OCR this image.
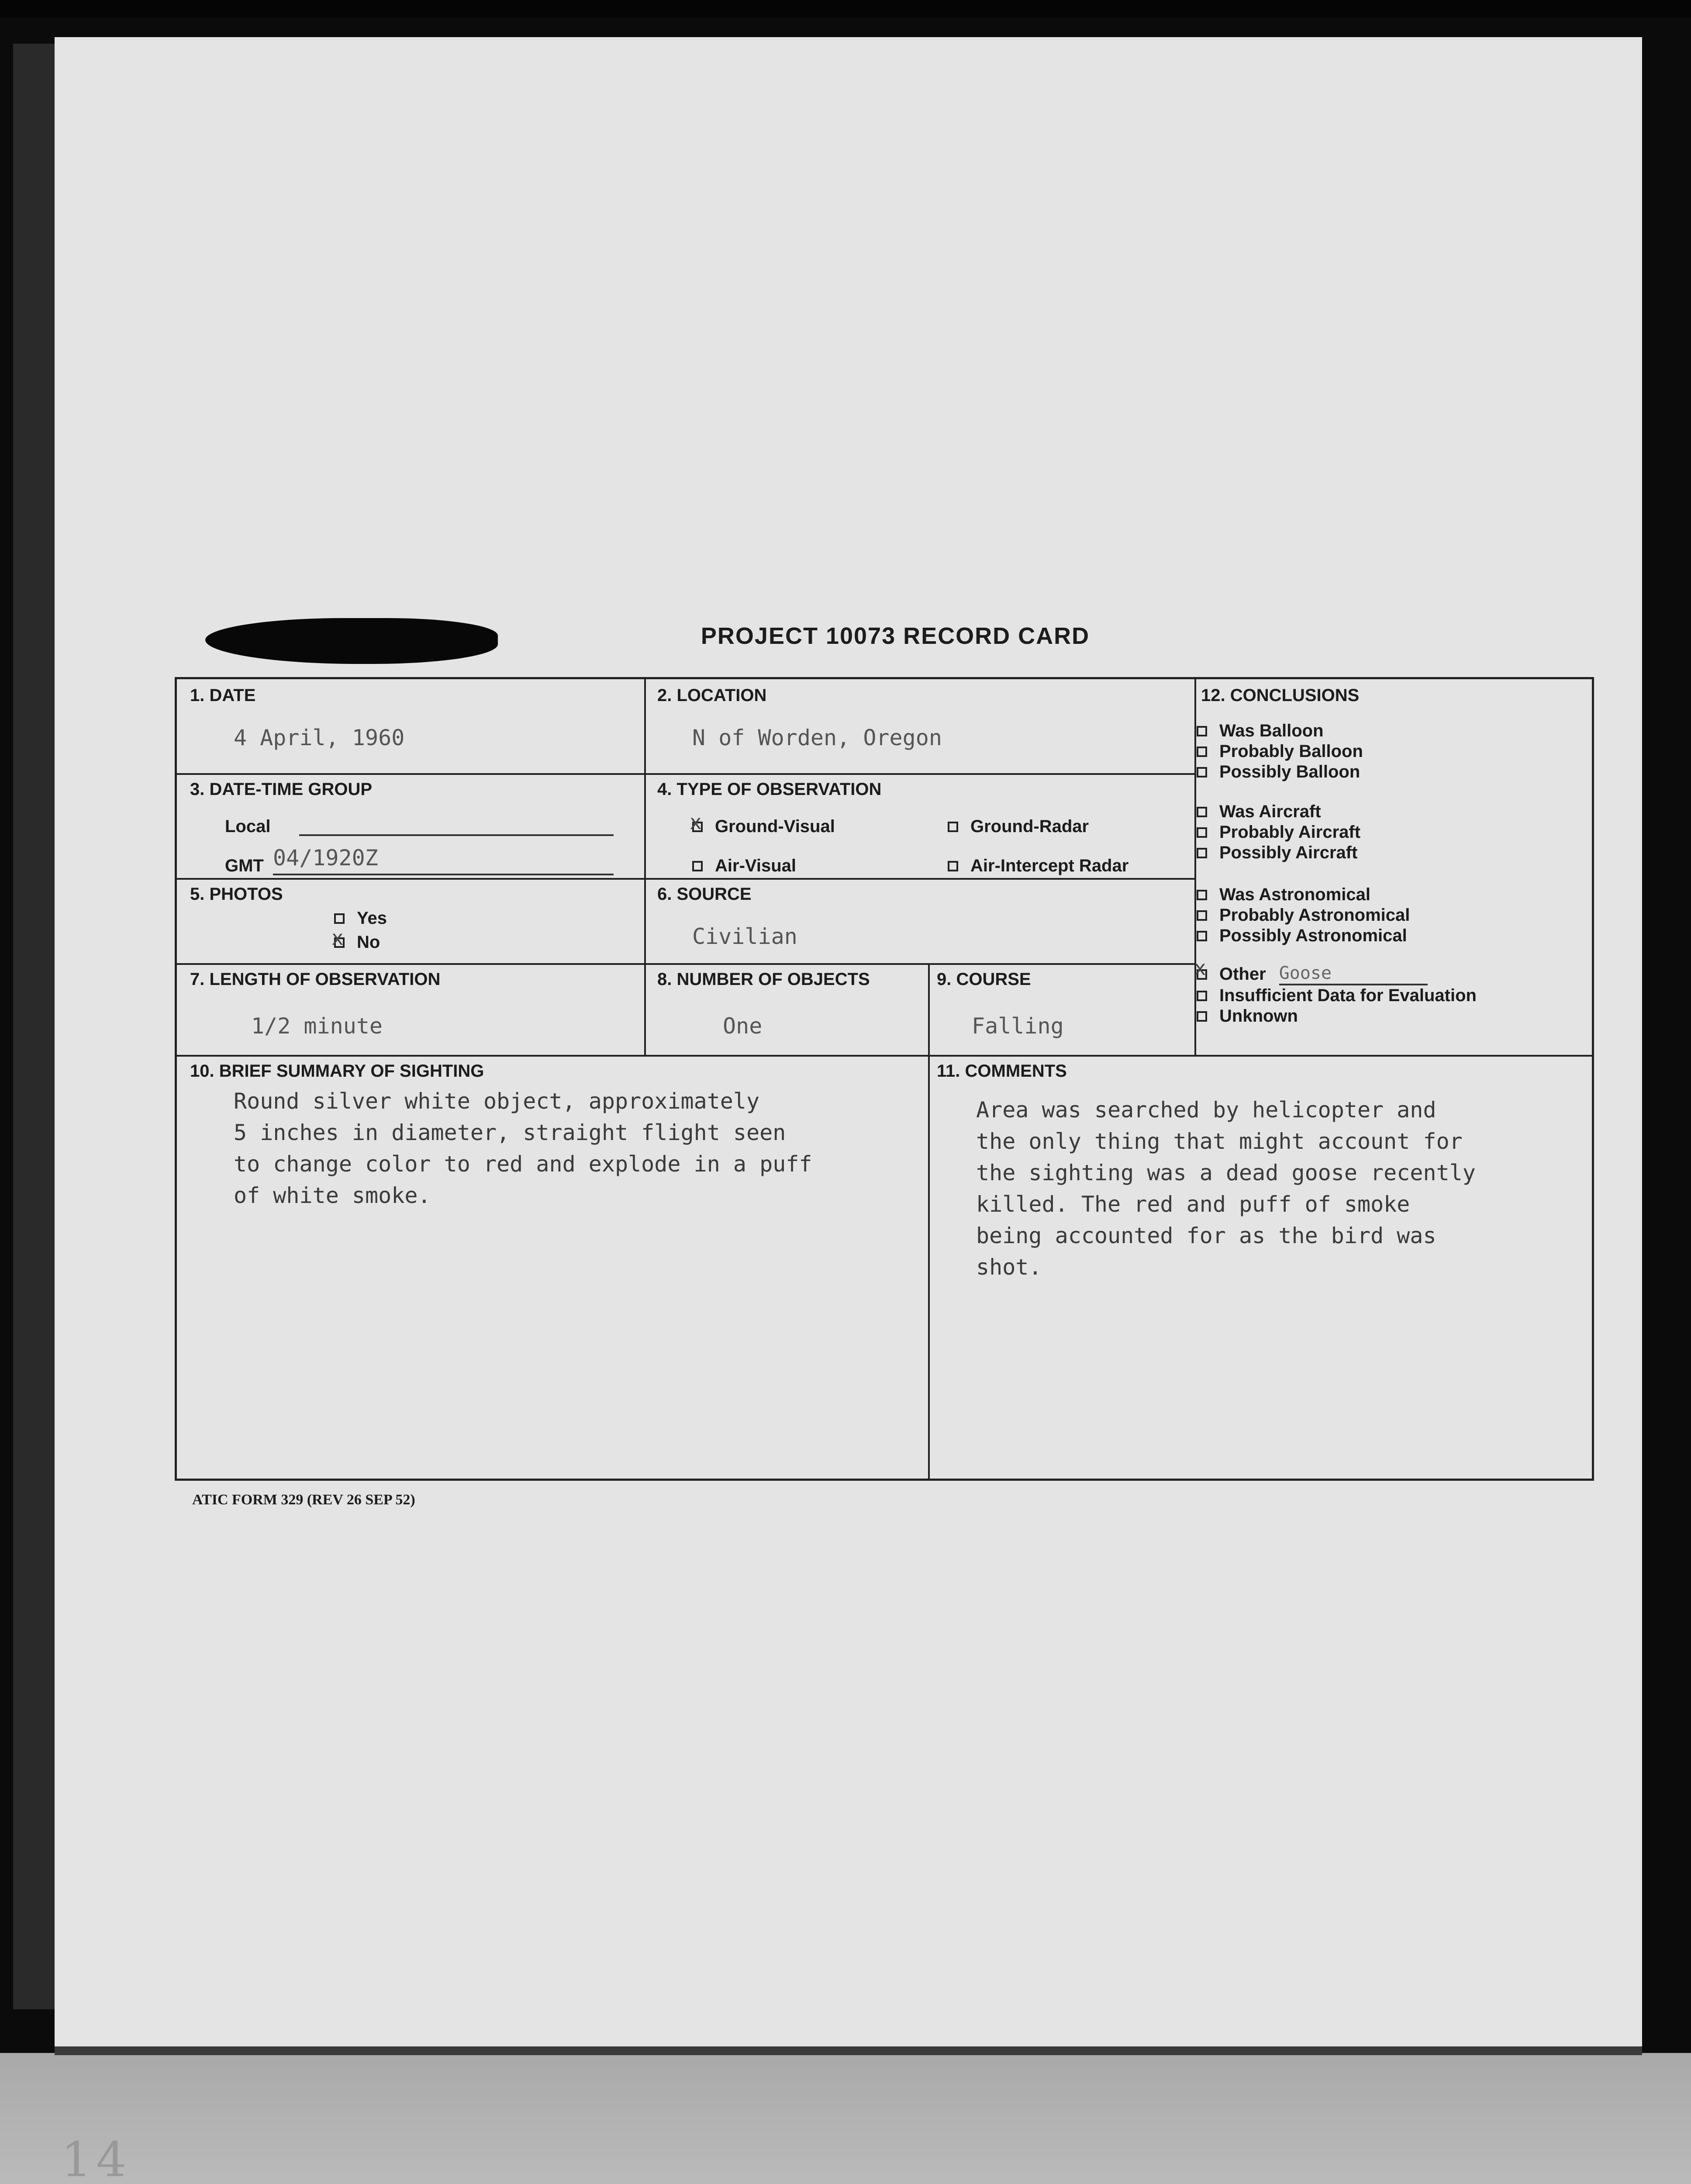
14
PROJECT 10073 RECORD CARD
1. DATE
4 April, 1960
2. LOCATION
N of Worden, Oregon
3. DATE-TIME GROUP
Local
GMT 04/1920Z
4. TYPE OF OBSERVATION
x
Ground-Visual	Ground-Radar
Air-Visual	Air-Intercept Radar
5. PHOTOS
Yes
x
No
6. SOURCE
Civilian
7. LENGTH OF OBSERVATION
1/2 minute
8. NUMBER OF OBJECTS
One
9. COURSE
Falling
12. CONCLUSIONS
10. BRIEF SUMMARY OF SIGHTING
Round silver white object, approximately
5 inches in diameter, straight flight seen
to change color to red and explode in a puff
of white smoke.
11. COMMENTS
Area was searched by helicopter and
the only thing that might account for
the sighting was a dead goose recently
killed. The red and puff of smoke
being accounted for as the bird was
shot.
Was Balloon
Probably Balloon
Possibly Balloon
Was Aircraft
Probably Aircraft
Possibly Aircraft
Was Astronomical
Probably Astronomical
Possibly Astronomical
x
Other Goose
Insufficient Data for Evaluation
Unknown
ATIC FORM 329 (REV 26 SEP 52)
